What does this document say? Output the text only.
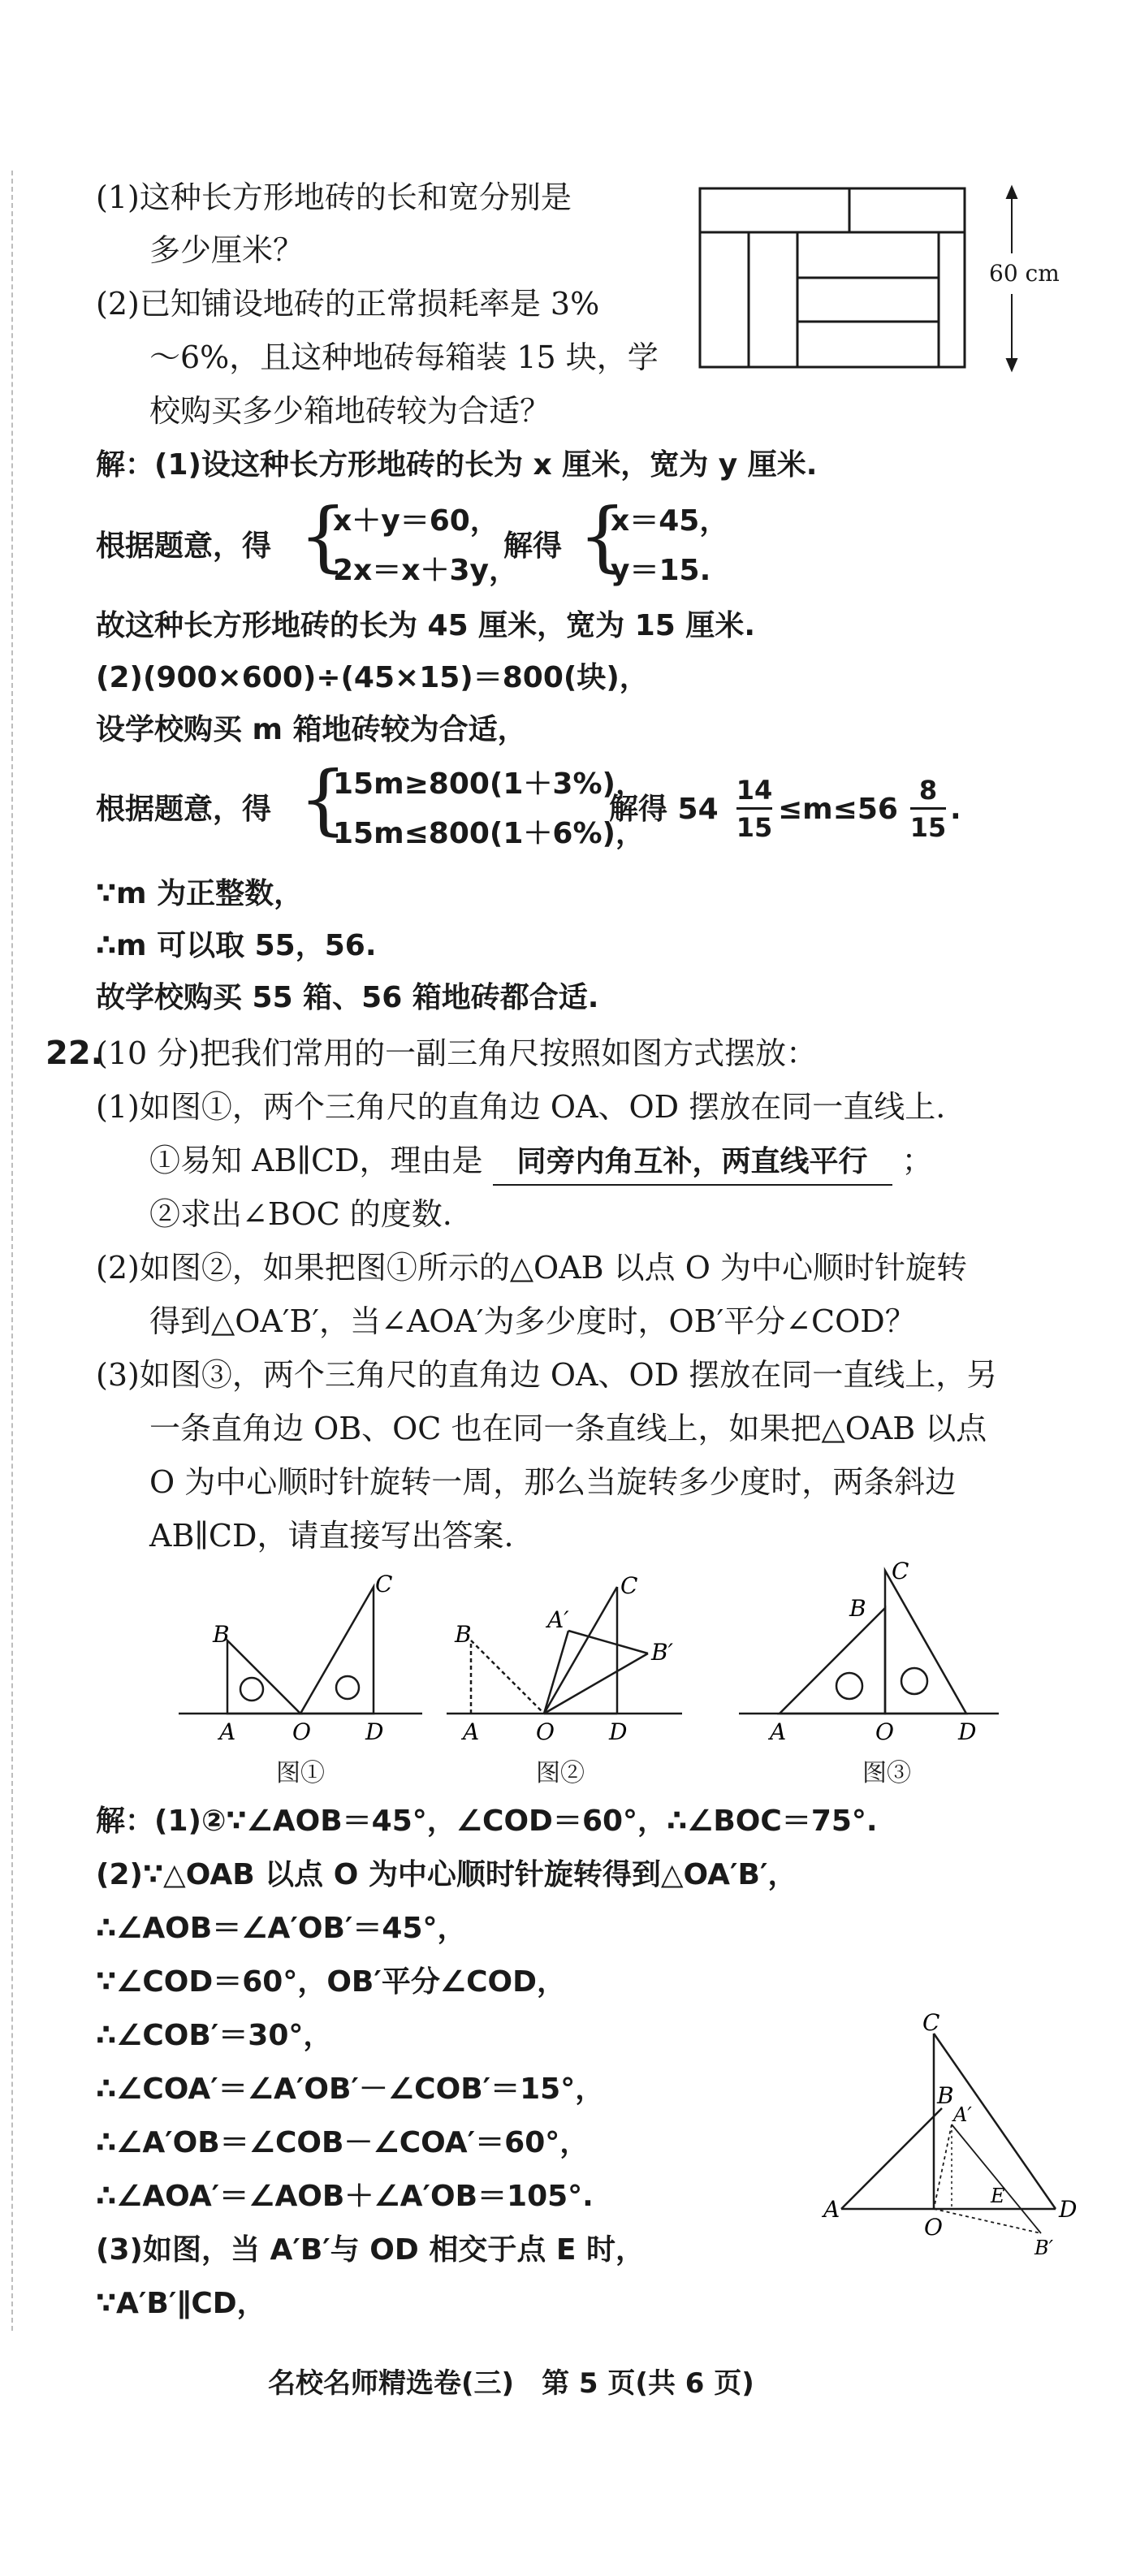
(1)这种长方形地砖的长和宽分别是
多少厘米？
(2)已知铺设地砖的正常损耗率是 3%
～6%，且这种地砖每箱装 15 块，学
校购买多少箱地砖较为合适？
60 cm
解：(1)设这种长方形地砖的长为 x 厘米，宽为 y 厘米.
根据题意，得 {
x＋y＝60，
2x＝x＋3y，
解得 {
x＝45，
y＝15.
故这种长方形地砖的长为 45 厘米，宽为 15 厘米.
(2)(900×600)÷(45×15)＝800(块)，
设学校购买 m 箱地砖较为合适，
根据题意，得 {
15m≥800(1＋3%)，
15m≤800(1＋6%)，
解得 54
14
15
≤m≤56
8
15
.
∵m 为正整数，
∴m 可以取 55，56.
故学校购买 55 箱、56 箱地砖都合适.
22.
(10 分)把我们常用的一副三角尺按照如图方式摆放：
(1)如图①，两个三角尺的直角边 OA、OD 摆放在同一直线上.
①易知 AB∥CD，理由是 同旁内角互补，两直线平行 ；
②求出∠BOC 的度数.
(2)如图②，如果把图①所示的△OAB 以点 O 为中心顺时针旋转
得到△OA′B′，当∠AOA′为多少度时，OB′平分∠COD？
(3)如图③，两个三角尺的直角边 OA、OD 摆放在同一直线上，另
一条直角边 OB、OC 也在同一条直线上，如果把△OAB 以点
O 为中心顺时针旋转一周，那么当旋转多少度时，两条斜边
AB∥CD，请直接写出答案.
B
C
A O D
图①
B
C
A′
B′
A O D
图②
B
C
A	O	D
图③
解：(1)②∵∠AOB＝45°，∠COD＝60°，∴∠BOC＝75°.
(2)∵△OAB 以点 O 为中心顺时针旋转得到△OA′B′，
∴∠AOB＝∠A′OB′＝45°，
∵∠COD＝60°，OB′平分∠COD，
∴∠COB′＝30°，
∴∠COA′＝∠A′OB′－∠COB′＝15°，
∴∠A′OB＝∠COB－∠COA′＝60°，
∴∠AOA′＝∠AOB＋∠A′OB＝105°.
(3)如图，当 A′B′与 OD 相交于点 E 时，
∵A′B′∥CD，
C
B
A′
E
A
O
D
B′
名校名师精选卷(三)　第 5 页(共 6 页)
